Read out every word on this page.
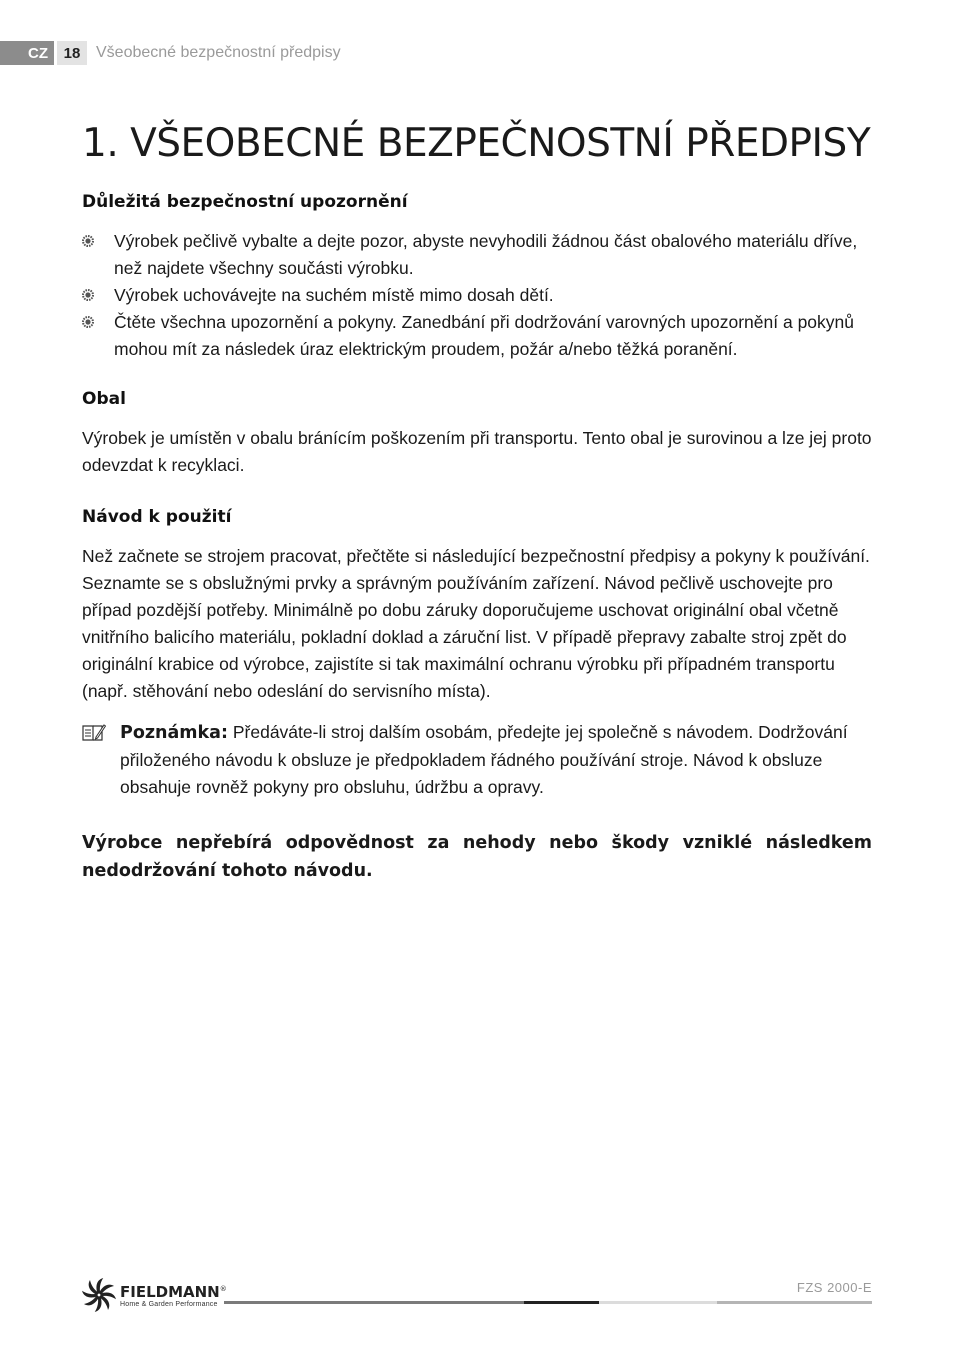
CZ	18 Všeobecné bezpečnostní předpisy
1. VŠEOBECNÉ BEZPEČNOSTNÍ PŘEDPISY
Důležitá bezpečnostní upozornění
Výrobek pečlivě vybalte a dejte pozor, abyste nevyhodili žádnou část obalového materiálu dříve, než najdete všechny součásti výrobku.
Výrobek uchovávejte na suchém místě mimo dosah dětí.
Čtěte všechna upozornění a pokyny. Zanedbání při dodržování varovných upozornění a pokynů mohou mít za následek úraz elektrickým proudem, požár a/nebo těžká poranění.
Obal

Výrobek je umístěn v obalu bránícím poškozením při transportu. Tento obal je surovinou a lze jej proto odevzdat k recyklaci.

Návod k použití

Než začnete se strojem pracovat, přečtěte si následující bezpečnostní předpisy a pokyny k používání. Seznamte se s obslužnými prvky a správným používáním zařízení. Návod pečlivě uschovejte pro případ pozdější potřeby. Minimálně po dobu záruky doporučujeme uschovat originální obal včetně vnitřního balicího materiálu, pokladní doklad a záruční list. V případě přepravy zabalte stroj zpět do originální krabice od výrobce, zajistíte si tak maximální ochranu výrobku při případném transportu (např. stěhování nebo odeslání do servisního místa).

Poznámka: Předáváte-li stroj dalším osobám, předejte jej společně s návodem. Dodržování přiloženého návodu k obsluze je předpokladem řádného používání stroje. Návod k obsluze obsahuje rovněž pokyny pro obsluhu, údržbu a opravy.
Výrobce nepřebírá odpovědnost za nehody nebo škody vzniklé následkem nedodržování tohoto návodu.
FIELDMANN®
Home & Garden Performance
FZS 2000-E
